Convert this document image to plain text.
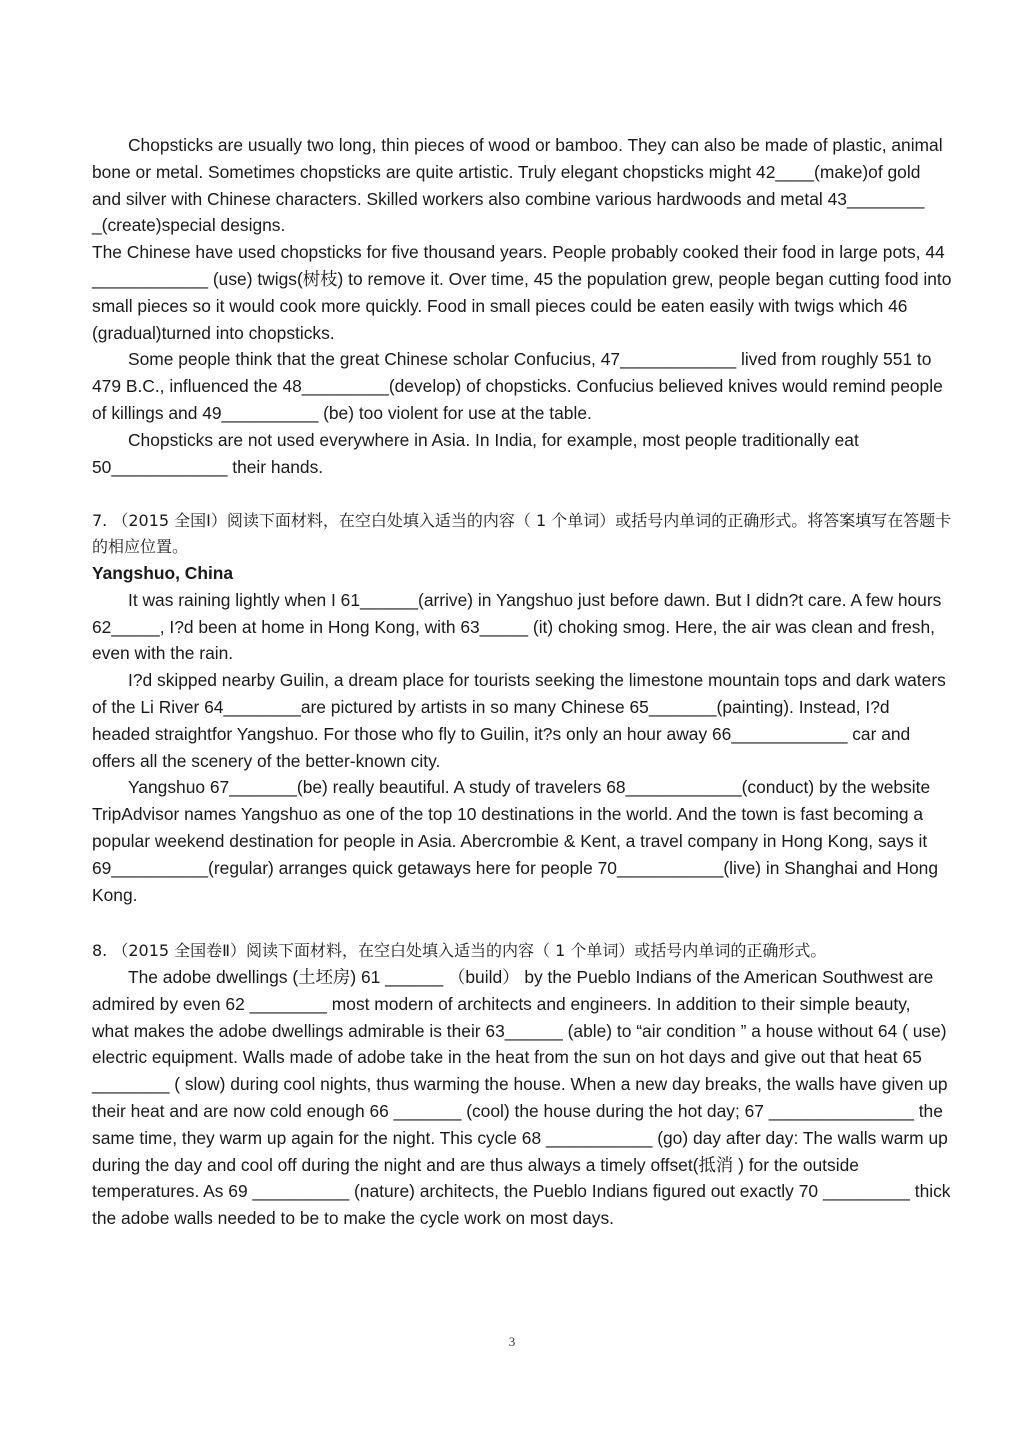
Chopsticks are usually two long, thin pieces of wood or bamboo. They can also be made of plastic, animal bone or metal. Sometimes chopsticks are quite artistic. Truly elegant chopsticks might 42____(make)of gold and silver with Chinese characters. Skilled workers also combine various hardwoods and metal 43________ _(create)special designs.

The Chinese have used chopsticks for five thousand years. People probably cooked their food in large pots, 44 ____________ (use) twigs(树枝) to remove it. Over time, 45 the population grew, people began cutting food into small pieces so it would cook more quickly. Food in small pieces could be eaten easily with twigs which 46 (gradual)turned into chopsticks.

Some people think that the great Chinese scholar Confucius, 47____________ lived from roughly 551 to 479 B.C., influenced the 48_________(develop) of chopsticks. Confucius believed knives would remind people of killings and 49__________ (be) too violent for use at the table.

Chopsticks are not used everywhere in Asia. In India, for example, most people traditionally eat 50____________ their hands.

7. （2015 全国Ⅰ）阅读下面材料，在空白处填入适当的内容（ 1 个单词）或括号内单词的正确形式。将答案填写在答题卡的相应位置。

Yangshuo, China

It was raining lightly when I 61______(arrive) in Yangshuo just before dawn. But I didn?t care. A few hours 62_____, I?d been at home in Hong Kong, with 63_____ (it) choking smog. Here, the air was clean and fresh, even with the rain.

I?d skipped nearby Guilin, a dream place for tourists seeking the limestone mountain tops and dark waters of the Li River 64________are pictured by artists in so many Chinese 65_______(painting). Instead, I?d headed straightfor Yangshuo. For those who fly to Guilin, it?s only an hour away 66____________ car and offers all the scenery of the better-known city.

Yangshuo 67_______(be) really beautiful. A study of travelers 68____________(conduct) by the website TripAdvisor names Yangshuo as one of the top 10 destinations in the world. And the town is fast becoming a popular weekend destination for people in Asia. Abercrombie & Kent, a travel company in Hong Kong, says it 69__________(regular) arranges quick getaways here for people 70___________(live) in Shanghai and Hong Kong.

8. （2015 全国卷Ⅱ）阅读下面材料，在空白处填入适当的内容（ 1 个单词）或括号内单词的正确形式。

The adobe dwellings (土坯房) 61 ______ （build） by the Pueblo Indians of the American Southwest are admired by even 62 ________ most modern of architects and engineers. In addition to their simple beauty, what makes the adobe dwellings admirable is their 63______ (able) to “air condition ” a house without 64 ( use) electric equipment. Walls made of adobe take in the heat from the sun on hot days and give out that heat 65 ________ ( slow) during cool nights, thus warming the house. When a new day breaks, the walls have given up their heat and are now cold enough 66 _______ (cool) the house during the hot day; 67 _______________ the same time, they warm up again for the night. This cycle 68 ___________ (go) day after day: The walls warm up during the day and cool off during the night and are thus always a timely offset(抵消 ) for the outside temperatures. As 69 __________ (nature) architects, the Pueblo Indians figured out exactly 70 _________ thick the adobe walls needed to be to make the cycle work on most days.

3
